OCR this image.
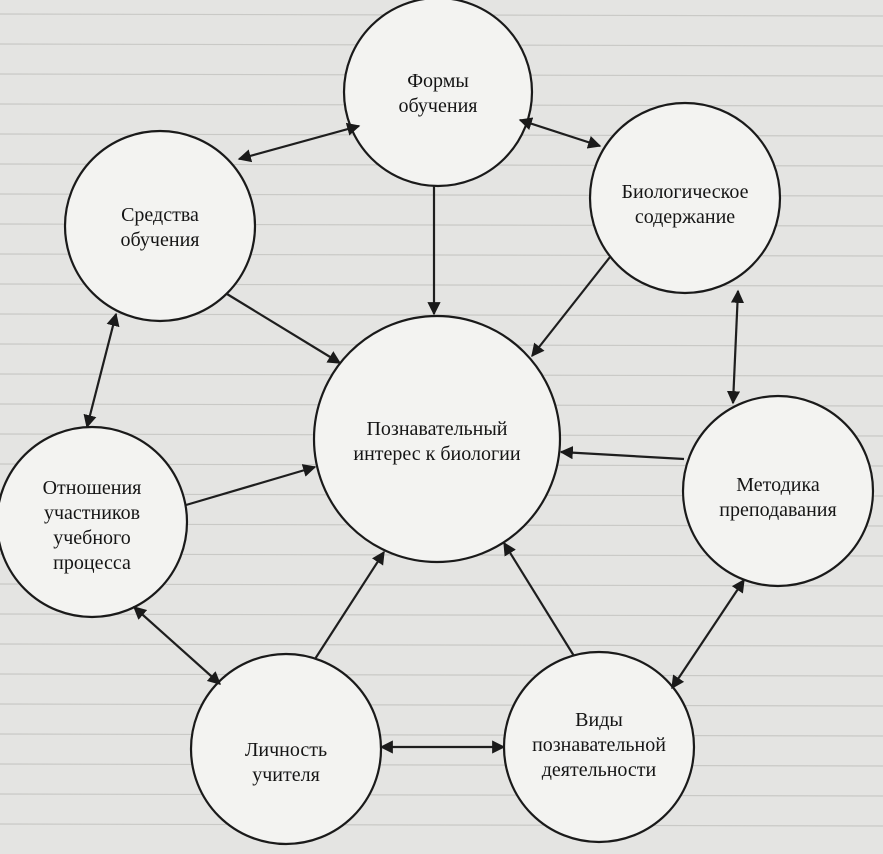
Формы
обучения
Средства
обучения
Биологическое
содержание
Познавательный
интерес к биологии
Отношения
участников
учебного
процесса
Методика
преподавания
Личность
учителя
Виды
познавательной
деятельности
